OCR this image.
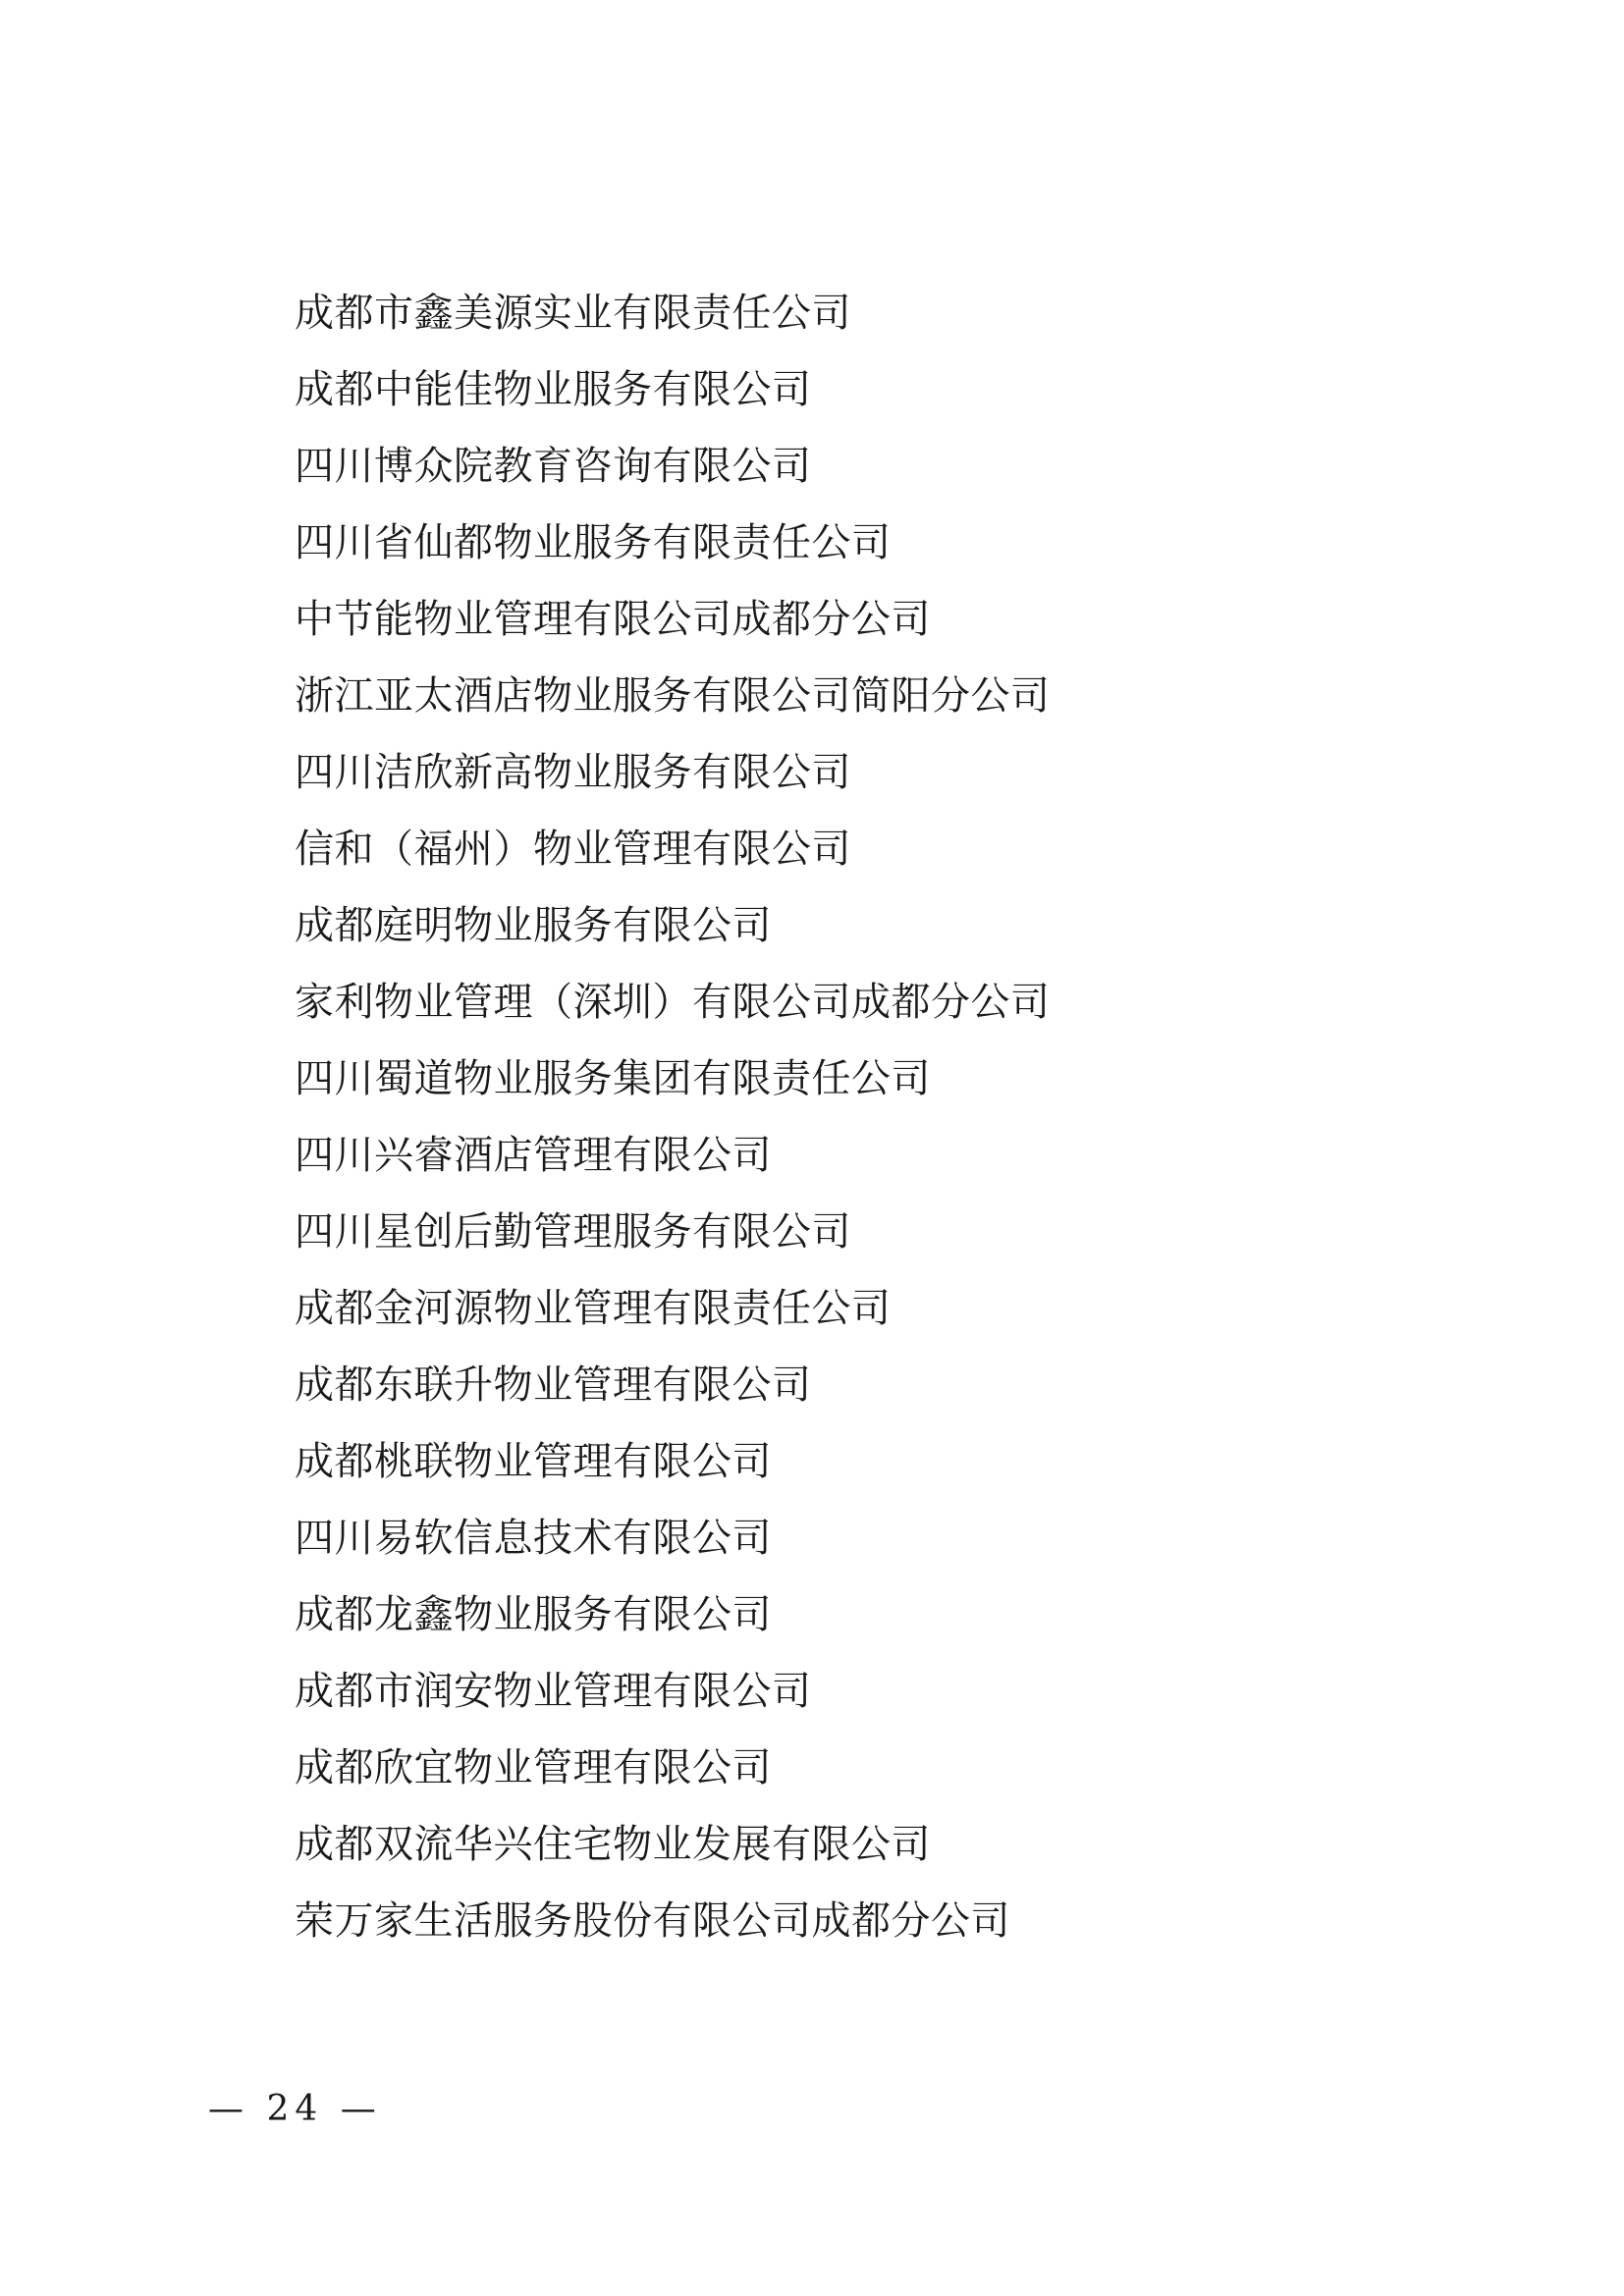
成都市鑫美源实业有限责任公司
成都中能佳物业服务有限公司
四川博众院教育咨询有限公司
四川省仙都物业服务有限责任公司
中节能物业管理有限公司成都分公司
浙江亚太酒店物业服务有限公司简阳分公司
四川洁欣新高物业服务有限公司
信和（福州）物业管理有限公司
成都庭明物业服务有限公司
家利物业管理（深圳）有限公司成都分公司
四川蜀道物业服务集团有限责任公司
四川兴睿酒店管理有限公司
四川星创后勤管理服务有限公司
成都金河源物业管理有限责任公司
成都东联升物业管理有限公司
成都桃联物业管理有限公司
四川易软信息技术有限公司
成都龙鑫物业服务有限公司
成都市润安物业管理有限公司
成都欣宜物业管理有限公司
成都双流华兴住宅物业发展有限公司
荣万家生活服务股份有限公司成都分公司
— 24 —
